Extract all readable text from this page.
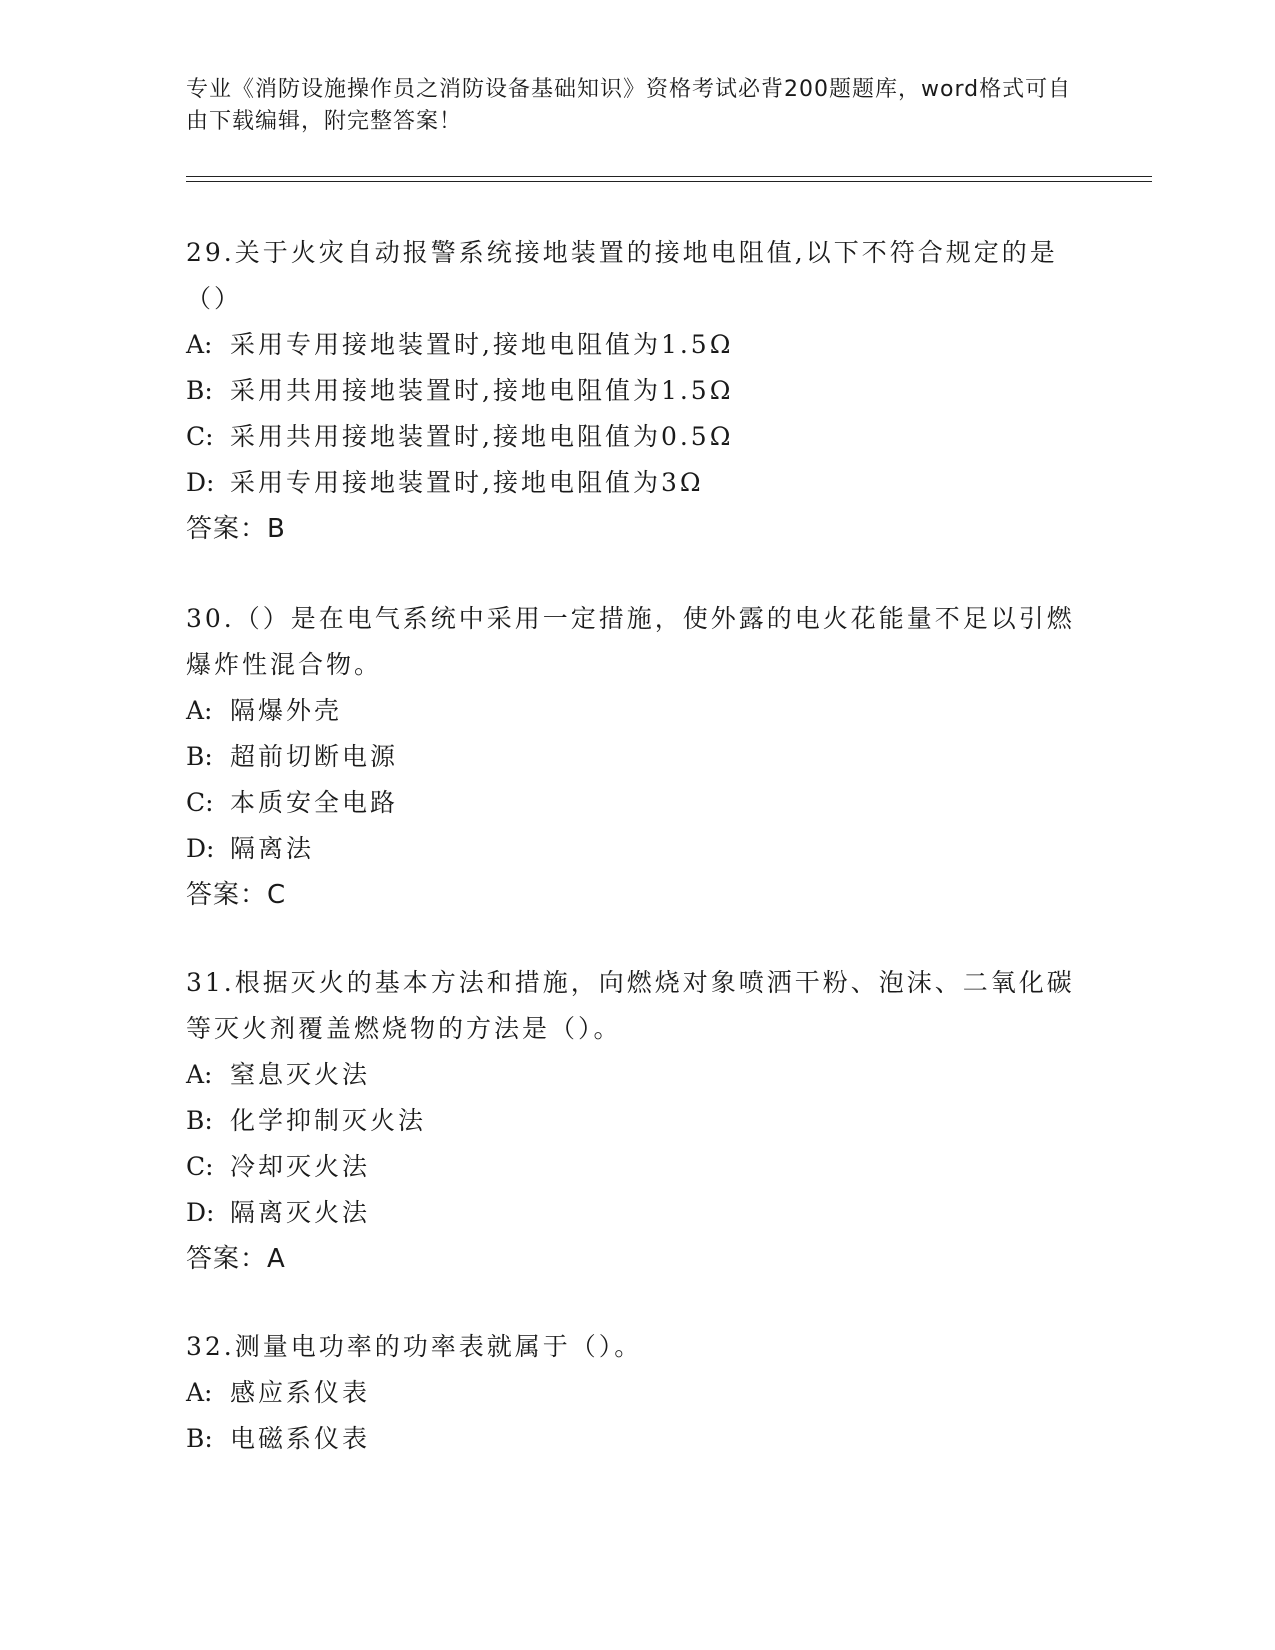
专业《消防设施操作员之消防设备基础知识》资格考试必背200题题库，word格式可自由下载编辑，附完整答案！
29.关于火灾自动报警系统接地装置的接地电阻值,以下不符合规定的是（）
A: 采用专用接地装置时,接地电阻值为1.5Ω
B: 采用共用接地装置时,接地电阻值为1.5Ω
C: 采用共用接地装置时,接地电阻值为0.5Ω
D: 采用专用接地装置时,接地电阻值为3Ω
答案：B
30.（）是在电气系统中采用一定措施，使外露的电火花能量不足以引燃爆炸性混合物。
A: 隔爆外壳
B: 超前切断电源
C: 本质安全电路
D: 隔离法
答案：C
31.根据灭火的基本方法和措施，向燃烧对象喷洒干粉、泡沫、二氧化碳等灭火剂覆盖燃烧物的方法是（）。
A: 窒息灭火法
B: 化学抑制灭火法
C: 冷却灭火法
D: 隔离灭火法
答案：A
32.测量电功率的功率表就属于（）。
A: 感应系仪表
B: 电磁系仪表
